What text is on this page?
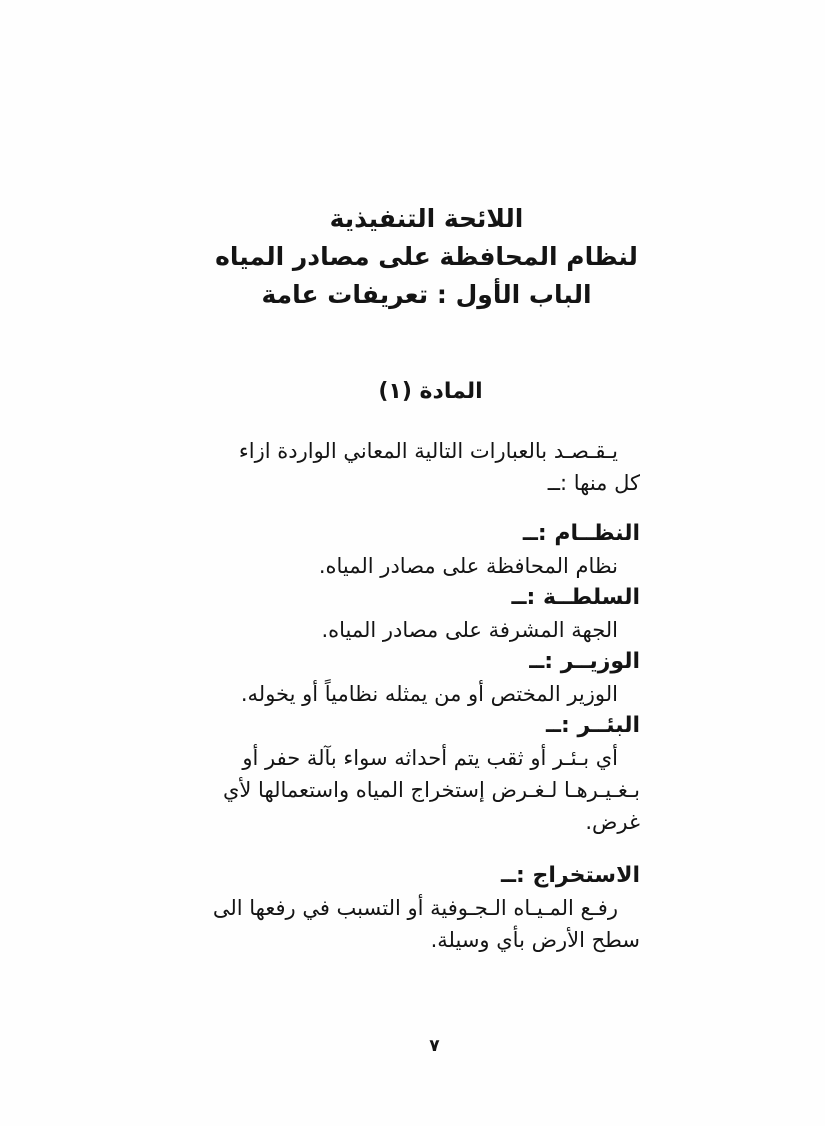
اللائحة التنفيذية
لنظام المحافظة على مصادر المياه
الباب الأول : تعريفات عامة
المادة (١)
يـقـصـد بالعبارات التالية المعاني الواردة ازاء
كل منها :ــ
النظــام :ــ
نظام المحافظة على مصادر المياه.
السلطــة :ــ
الجهة المشرفة على مصادر المياه.
الوزيــر :ــ
الوزير المختص أو من يمثله نظامياً أو يخوله.
البئــر :ــ
أي بـئـر أو ثقب يتم أحداثه سواء بآلة حفر أو
بـغـيـرهـا لـغـرض إستخراج المياه واستعمالها لأي
غرض.
الاستخراج :ــ
رفـع المـيـاه الـجـوفية أو التسبب في رفعها الى
سطح الأرض بأي وسيلة.
٧
